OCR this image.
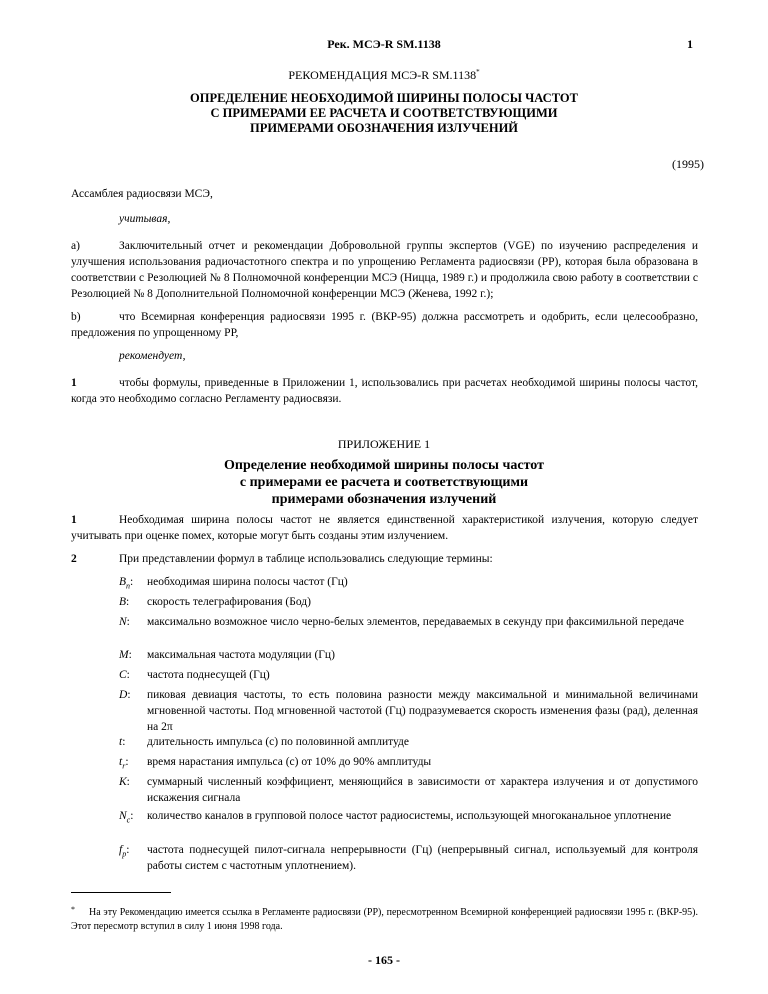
Рек. МСЭ-R SM.1138	1
РЕКОМЕНДАЦИЯ МСЭ-R SM.1138*
ОПРЕДЕЛЕНИЕ НЕОБХОДИМОЙ ШИРИНЫ ПОЛОСЫ ЧАСТОТ
С ПРИМЕРАМИ ЕЕ РАСЧЕТА И СООТВЕТСТВУЮЩИМИ
ПРИМЕРАМИ ОБОЗНАЧЕНИЯ ИЗЛУЧЕНИЙ
(1995)
Ассамблея радиосвязи МСЭ,
учитывая,
a)	Заключительный отчет и рекомендации Добровольной группы экспертов (VGE) по изучению распределения и улучшения использования радиочастотного спектра и по упрощению Регламента радиосвязи (РР), которая была образована в соответствии с Резолюцией № 8 Полномочной конференции МСЭ (Ницца, 1989 г.) и продолжила свою работу в соответствии с Резолюцией № 8 Дополнительной Полномочной конференции МСЭ (Женева, 1992 г.);
b)	что Всемирная конференция радиосвязи 1995 г. (ВКР-95) должна рассмотреть и одобрить, если целесообразно, предложения по упрощенному РР,
рекомендует,
1	чтобы формулы, приведенные в Приложении 1, использовались при расчетах необходимой ширины полосы частот, когда это необходимо согласно Регламенту радиосвязи.
ПРИЛОЖЕНИЕ 1
Определение необходимой ширины полосы частот
с примерами ее расчета и соответствующими
примерами обозначения излучений
1	Необходимая ширина полосы частот не является единственной характеристикой излучения, которую следует учитывать при оценке помех, которые могут быть созданы этим излучением.
2	При представлении формул в таблице использовались следующие термины:
$B_n$: необходимая ширина полосы частот (Гц)
B: скорость телеграфирования (Бод)
N: максимально возможное число черно-белых элементов, передаваемых в секунду при факсимильной передаче
M: максимальная частота модуляции (Гц)
C: частота поднесущей (Гц)
D: пиковая девиация частоты, то есть половина разности между максимальной и минимальной величинами мгновенной частоты. Под мгновенной частотой (Гц) подразумевается скорость изменения фазы (рад), деленная на 2π
t: длительность импульса (с) по половинной амплитуде
$t_r$: время нарастания импульса (с) от 10% до 90% амплитуды
K: суммарный численный коэффициент, меняющийся в зависимости от характера излучения и от допустимого искажения сигнала
$N_c$: количество каналов в групповой полосе частот радиосистемы, использующей многоканальное уплотнение
$f_p$: частота поднесущей пилот-сигнала непрерывности (Гц) (непрерывный сигнал, используемый для контроля работы систем с частотным уплотнением).
*	На эту Рекомендацию имеется ссылка в Регламенте радиосвязи (РР), пересмотренном Всемирной конференцией радиосвязи 1995 г. (ВКР-95). Этот пересмотр вступил в силу 1 июня 1998 года.
- 165 -
